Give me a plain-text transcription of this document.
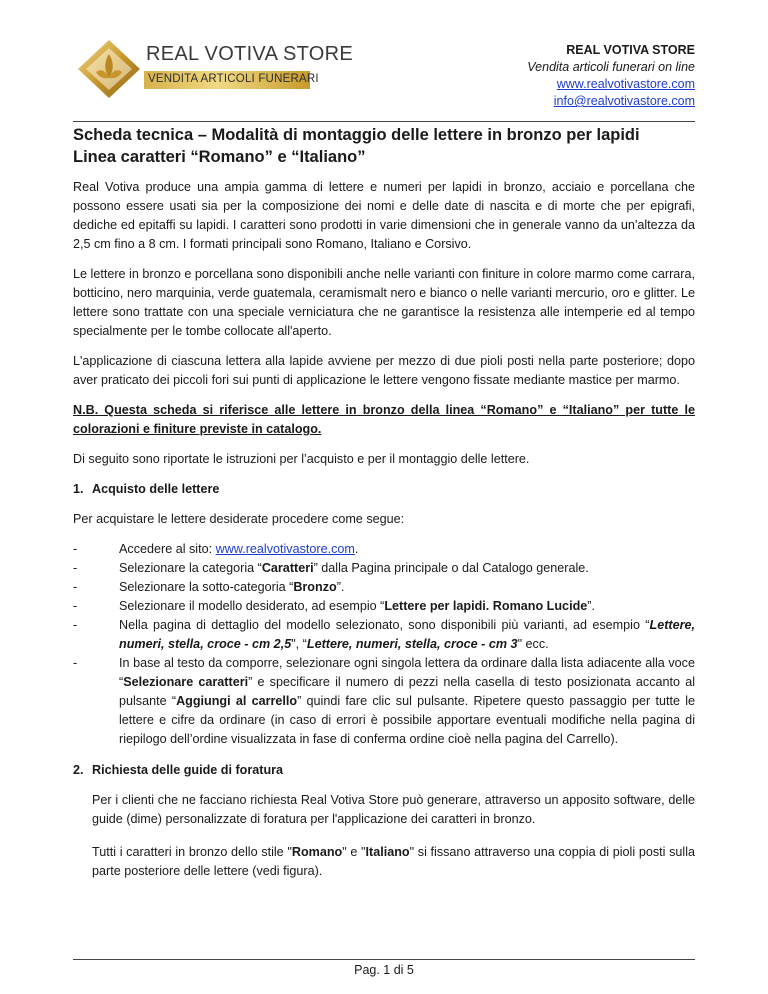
REAL VOTIVA STORE
VENDITA ARTICOLI FUNERARI
REAL VOTIVA STORE
Vendita articoli funerari on line
www.realvotivastore.com
info@realvotivastore.com
Scheda tecnica – Modalità di montaggio delle lettere in bronzo per lapidi
Linea caratteri “Romano” e “Italiano”

Real Votiva produce una ampia gamma di lettere e numeri per lapidi in bronzo, acciaio e porcellana che possono essere usati sia per la composizione dei nomi e delle date di nascita e di morte che per epigrafi, dediche ed epitaffi su lapidi. I caratteri sono prodotti in varie dimensioni che in generale vanno da un'altezza da 2,5 cm fino a 8 cm. I formati principali sono Romano, Italiano e Corsivo.

Le lettere in bronzo e porcellana sono disponibili anche nelle varianti con finiture in colore marmo come carrara, botticino, nero marquinia, verde guatemala, ceramismalt nero e bianco o nelle varianti mercurio, oro e glitter. Le lettere sono trattate con una speciale verniciatura che ne garantisce la resistenza alle intemperie ed al tempo specialmente per le tombe collocate all'aperto.

L'applicazione di ciascuna lettera alla lapide avviene per mezzo di due pioli posti nella parte posteriore; dopo aver praticato dei piccoli fori sui punti di applicazione le lettere vengono fissate mediante mastice per marmo.

N.B. Questa scheda si riferisce alle lettere in bronzo della linea “Romano” e “Italiano” per tutte le colorazioni e finiture previste in catalogo.

Di seguito sono riportate le istruzioni per l’acquisto e per il montaggio delle lettere.

1. Acquisto delle lettere

Per acquistare le lettere desiderate procedere come segue:

- Accedere al sito: www.realvotivastore.com.
- Selezionare la categoria “Caratteri” dalla Pagina principale o dal Catalogo generale.
- Selezionare la sotto-categoria “Bronzo”.
- Selezionare il modello desiderato, ad esempio “Lettere per lapidi. Romano Lucide”.
- Nella pagina di dettaglio del modello selezionato, sono disponibili più varianti, ad esempio “Lettere, numeri, stella, croce - cm 2,5", “Lettere, numeri, stella, croce - cm 3" ecc.
- In base al testo da comporre, selezionare ogni singola lettera da ordinare dalla lista adiacente alla voce “Selezionare caratteri” e specificare il numero di pezzi nella casella di testo posizionata accanto al pulsante “Aggiungi al carrello” quindi fare clic sul pulsante. Ripetere questo passaggio per tutte le lettere e cifre da ordinare (in caso di errori è possibile apportare eventuali modifiche nella pagina di riepilogo dell’ordine visualizzata in fase di conferma ordine cioè nella pagina del Carrello).
2. Richiesta delle guide di foratura

Per i clienti che ne facciano richiesta Real Votiva Store può generare, attraverso un apposito software, delle guide (dime) personalizzate di foratura per l'applicazione dei caratteri in bronzo.

Tutti i caratteri in bronzo dello stile "Romano" e "Italiano" si fissano attraverso una coppia di pioli posti sulla parte posteriore delle lettere (vedi figura).

Pag. 1 di 5
